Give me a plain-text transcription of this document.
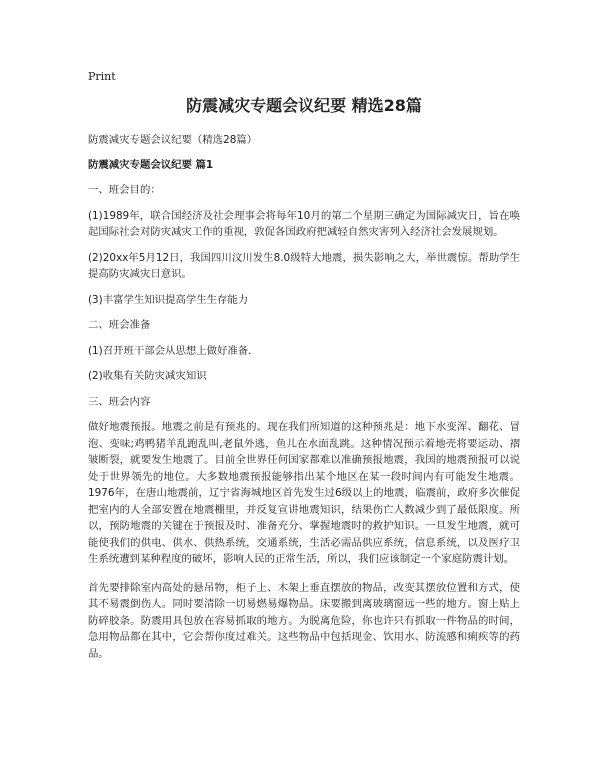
Print
防震减灾专题会议纪要 精选28篇

防震减灾专题会议纪要（精选28篇）

防震减灾专题会议纪要 篇1

一、班会目的：

(1)1989年，联合国经济及社会理事会将每年10月的第二个星期三确定为国际减灾日，旨在唤起国际社会对防灾减灾工作的重视，敦促各国政府把减轻自然灾害列入经济社会发展规划。

(2)20xx年5月12日，我国四川汶川发生8.0级特大地震，损失影响之大，举世震惊。帮助学生提高防灾减灾日意识。

(3)丰富学生知识提高学生生存能力

二、班会准备

(1)召开班干部会从思想上做好准备.

(2)收集有关防灾减灾知识

三、班会内容

做好地震预报。地震之前是有预兆的。现在我们所知道的这种预兆是：地下水变浑、翻花、冒泡、变味;鸡鸭猪羊乱跑乱叫,老鼠外逃，鱼儿在水面乱跳。这种情况预示着地壳将要运动、褶皱断裂，就要发生地震了。目前全世界任何国家都难以准确预报地震，我国的地震预报可以说处于世界领先的地位。大多数地震预报能够指出某个地区在某一段时间内有可能发生地震。1976年，在唐山地震前，辽宁省海城地区首先发生过6级以上的地震，临震前，政府多次催促把室内的人全部安置在地震棚里，并反复宣讲地震知识，结果伤亡人数减少到了最低限度。所以，预防地震的关键在于预报及时、准备充分、掌握地震时的救护知识。一旦发生地震，就可能使我们的供电、供水、供热系统，交通系统，生活必需品供应系统，信息系统，以及医疗卫生系统遭到某种程度的破坏，影响人民的正常生活，所以，我们应该制定一个家庭防震计划。

首先要排除室内高处的悬吊物，柜子上、木架上垂直摆放的物品，改变其摆放位置和方式，使其不易震倒伤人。同时要清除一切易燃易爆物品。床要搬到离玻璃窗远一些的地方。窗上贴上防碎胶条。防震用具包放在容易抓取的地方。为脱离危险，你也许只有抓取一件物品的时间，急用物品都在其中，它会帮你度过难关。这些物品中包括现金、饮用水、防流感和痢疾等的药品。
